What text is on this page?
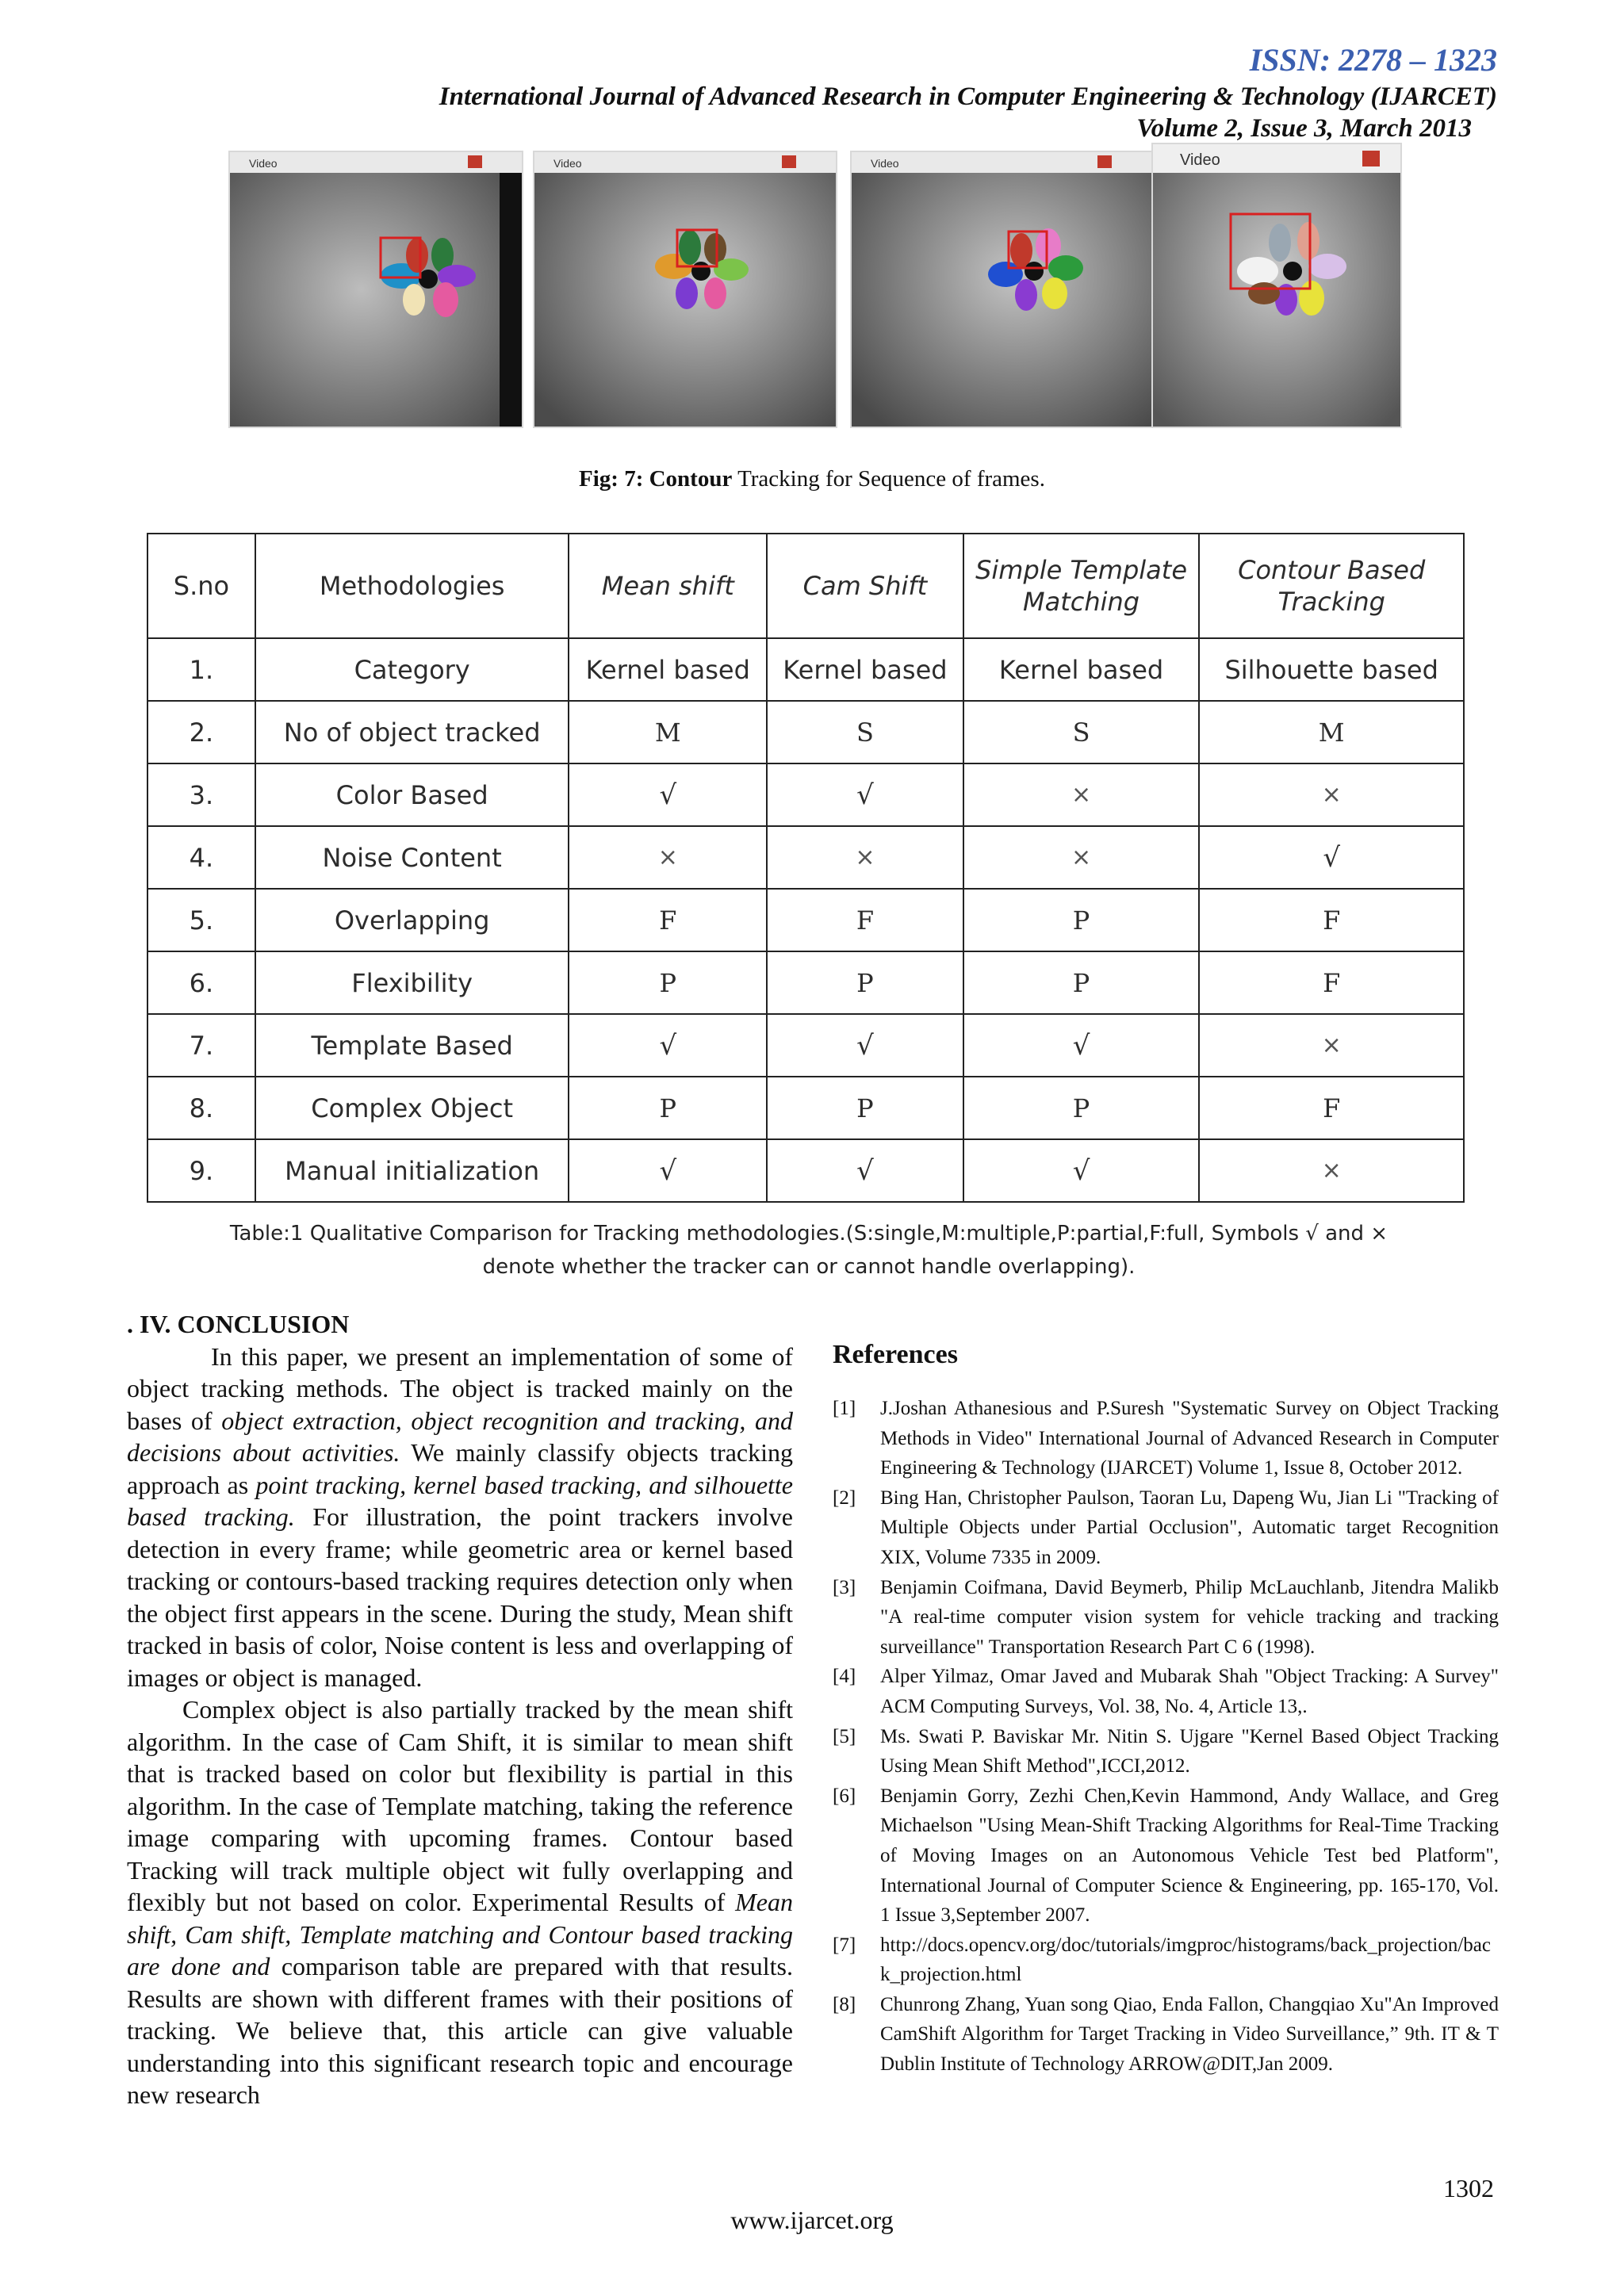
ISSN: 2278 – 1323
International Journal of Advanced Research in Computer Engineering & Technology (IJARCET)
Volume 2, Issue 3, March 2013
Video	Video	Video	Video
Fig: 7: Contour Tracking for Sequence of frames.
S.no	Methodologies	Mean shift	Cam Shift	Simple Template Matching	Contour Based Tracking
1.	Category	Kernel based	Kernel based	Kernel based	Silhouette based
2.	No of object tracked	M	S	S	M
3.	Color Based	√	√	×	×
4.	Noise Content	×	×	×	√
5.	Overlapping	F	F	P	F
6.	Flexibility	P	P	P	F
7.	Template Based	√	√	√	×
8.	Complex Object	P	P	P	F
9.	Manual initialization	√	√	√	×
Table:1 Qualitative Comparison for Tracking methodologies.(S:single,M:multiple,P:partial,F:full, Symbols √ and ×
denote whether the tracker can or cannot handle overlapping).
. IV. CONCLUSION

In this paper, we present an implementation of some of object tracking methods. The object is tracked mainly on the bases of object extraction, object recognition and tracking, and decisions about activities. We mainly classify objects tracking approach as point tracking, kernel based tracking, and silhouette based tracking. For illustration, the point trackers involve detection in every frame; while geometric area or kernel based tracking or contours-based tracking requires detection only when the object first appears in the scene. During the study, Mean shift tracked in basis of color, Noise content is less and overlapping of images or object is managed.

Complex object is also partially tracked by the mean shift algorithm. In the case of Cam Shift, it is similar to mean shift that is tracked based on color but flexibility is partial in this algorithm. In the case of Template matching, taking the reference image comparing with upcoming frames. Contour based Tracking will track multiple object wit fully overlapping and flexibly but not based on color. Experimental Results of Mean shift, Cam shift, Template matching and Contour based tracking are done and comparison table are prepared with that results. Results are shown with different frames with their positions of tracking. We believe that, this article can give valuable understanding into this significant research topic and encourage new research

References
[1]	J.Joshan Athanesious and P.Suresh "Systematic Survey on Object Tracking Methods in Video" International Journal of Advanced Research in Computer Engineering & Technology (IJARCET) Volume 1, Issue 8, October 2012.
[2]	Bing Han, Christopher Paulson, Taoran Lu, Dapeng Wu, Jian Li "Tracking of Multiple Objects under Partial Occlusion", Automatic target Recognition XIX, Volume 7335 in 2009.
[3]	Benjamin Coifmana, David Beymerb, Philip McLauchlanb, Jitendra Malikb "A real-time computer vision system for vehicle tracking and tracking surveillance" Transportation Research Part C 6 (1998).
[4]	Alper Yilmaz, Omar Javed and Mubarak Shah "Object Tracking: A Survey" ACM Computing Surveys, Vol. 38, No. 4, Article 13,.
[5]	Ms. Swati P. Baviskar Mr. Nitin S. Ujgare "Kernel Based Object Tracking Using Mean Shift Method",ICCI,2012.
[6]	Benjamin Gorry, Zezhi Chen,Kevin Hammond, Andy Wallace, and Greg Michaelson "Using Mean-Shift Tracking Algorithms for Real-Time Tracking of Moving Images on an Autonomous Vehicle Test bed Platform", International Journal of Computer Science & Engineering, pp. 165-170, Vol. 1 Issue 3,September 2007.
[7]	http://docs.opencv.org/doc/tutorials/imgproc/histograms/back_projection/back_projection.html
[8]	Chunrong Zhang, Yuan song Qiao, Enda Fallon, Changqiao Xu"An Improved CamShift Algorithm for Target Tracking in Video Surveillance,” 9th. IT & T Dublin Institute of Technology ARROW@DIT,Jan 2009.
1302
www.ijarcet.org
